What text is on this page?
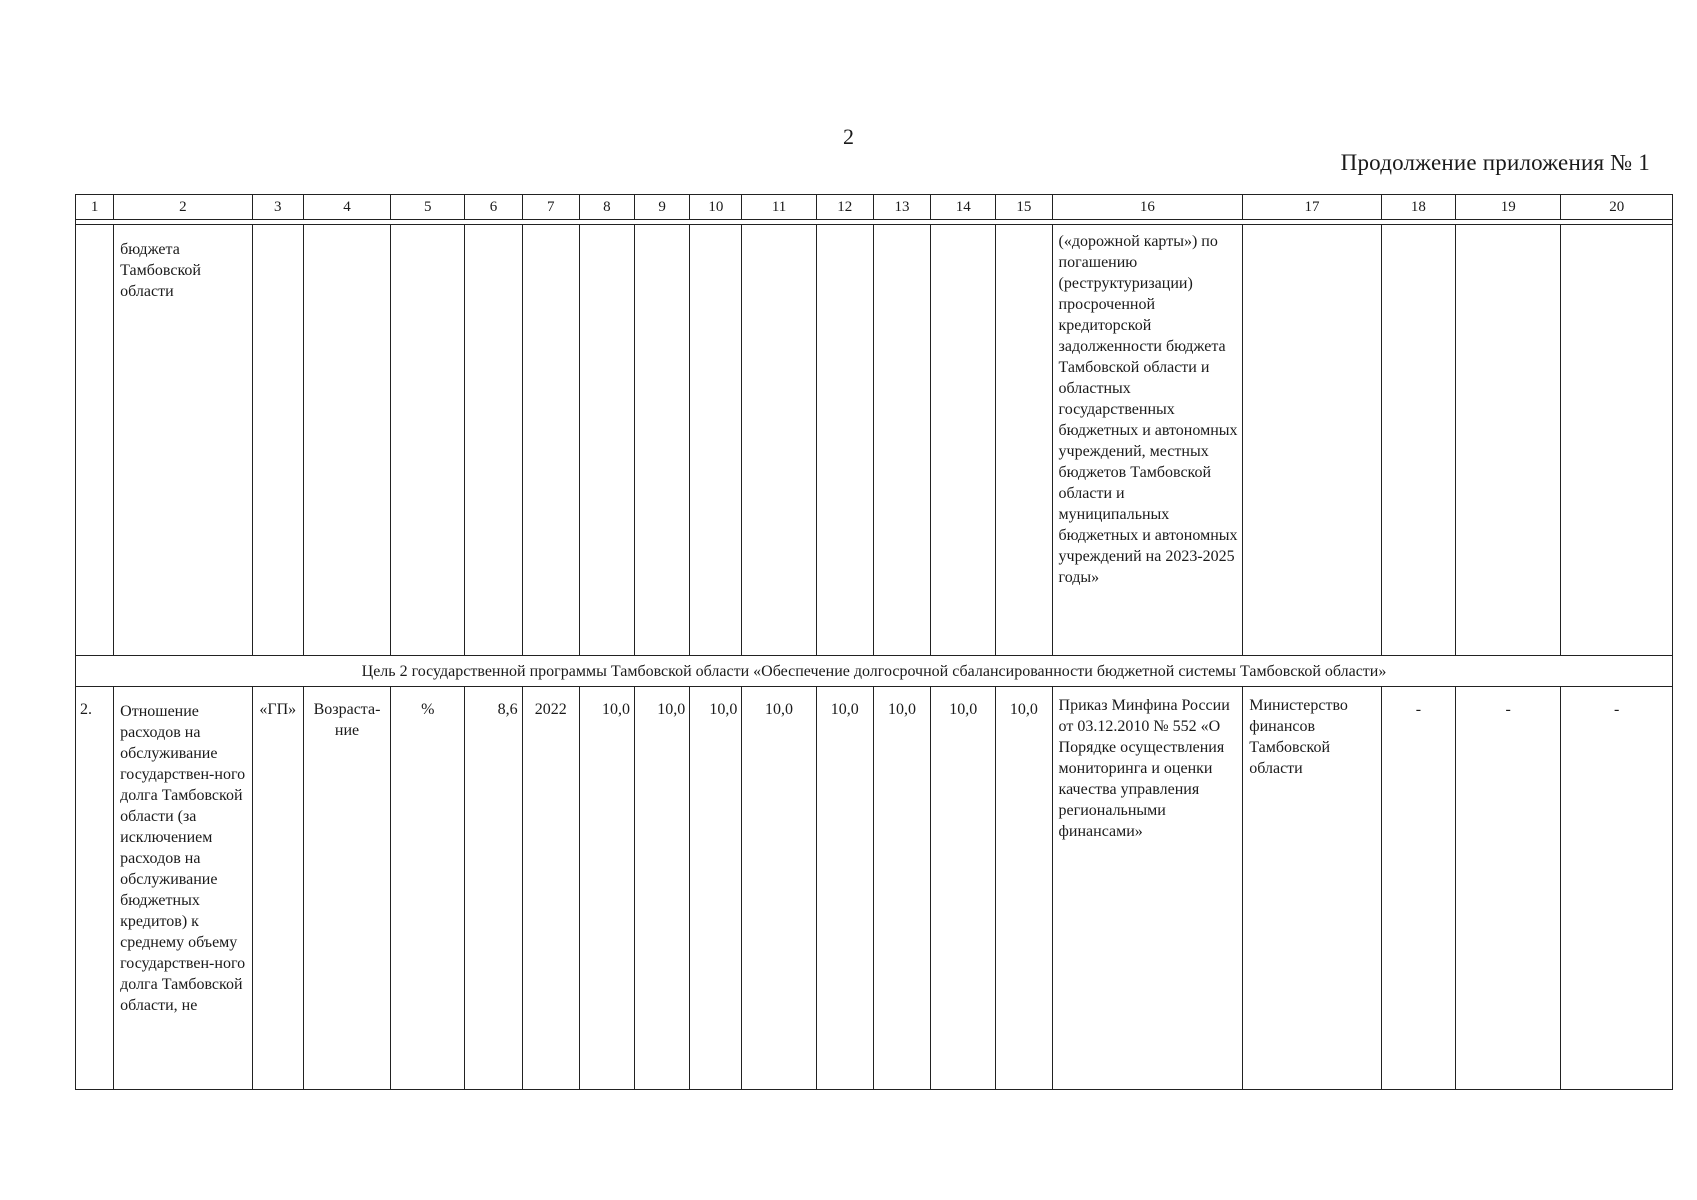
2
Продолжение приложения № 1
1	2	3	4	5	6	7	8	9	10	11	12	13	14	15	16	17	18	19	20

	бюджета Тамбовской области														(«дорожной карты») по погашению (реструктуризации) просроченной кредиторской задолженности бюджета Тамбовской области и областных государственных бюджетных и автономных учреждений, местных бюджетов Тамбовской области и муниципальных бюджетных и автономных учреждений на 2023-2025 годы»				

Цель 2 государственной программы Тамбовской области «Обеспечение долгосрочной сбалансированности бюджетной системы Тамбовской области»																			

2.	Отношение расходов на обслуживание государствен-ного долга Тамбовской области (за исключением расходов на обслуживание бюджетных кредитов) к среднему объему государствен-ного долга Тамбовской области, не	«ГП»	Возраста-ние	%	8,6	2022	10,0	10,0	10,0	10,0	10,0	10,0	10,0	10,0	Приказ Минфина России от 03.12.2010 № 552 «О Порядке осуществления мониторинга и оценки качества управления региональными финансами»	Министерство финансов Тамбовской области	-	-	-
